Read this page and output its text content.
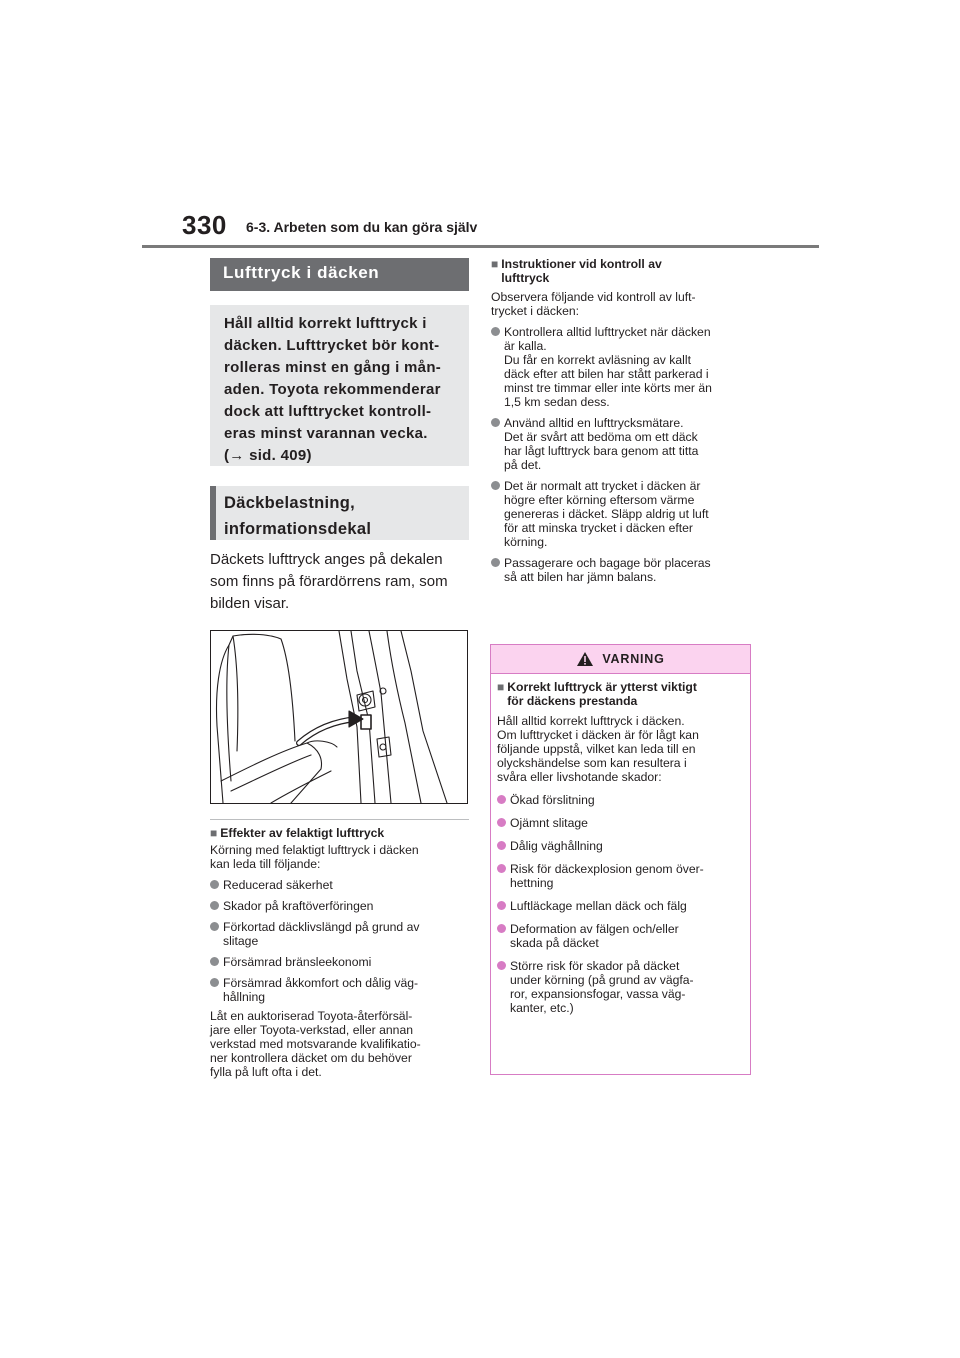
330 6-3. Arbeten som du kan göra själv
Lufttryck i däcken
Håll alltid korrekt lufttryck i
däcken. Lufttrycket bör kont-
rolleras minst en gång i mån-
aden. Toyota rekommenderar
dock att lufttrycket kontroll-
eras minst varannan vecka.
(→ sid. 409)
Däckbelastning,
informationsdekal
Däckets lufttryck anges på dekalen
som finns på förardörrens ram, som
bilden visar.
■ Effekter av felaktigt lufttryck
Körning med felaktigt lufttryck i däcken
kan leda till följande:
Reducerad säkerhet
Skador på kraftöverföringen
Förkortad däcklivslängd på grund av
slitage
Försämrad bränsleekonomi
Försämrad åkkomfort och dålig väg-
hållning
Låt en auktoriserad Toyota-återförsäl-
jare eller Toyota-verkstad, eller annan
verkstad med motsvarande kvalifikatio-
ner kontrollera däcket om du behöver
fylla på luft ofta i det.
■ Instruktioner vid kontroll av
lufttryck
Observera följande vid kontroll av luft-
trycket i däcken:
Kontrollera alltid lufttrycket när däcken
är kalla.
Du får en korrekt avläsning av kallt
däck efter att bilen har stått parkerad i
minst tre timmar eller inte körts mer än
1,5 km sedan dess.
Använd alltid en lufttrycksmätare.
Det är svårt att bedöma om ett däck
har lågt lufttryck bara genom att titta
på det.
Det är normalt att trycket i däcken är
högre efter körning eftersom värme
genereras i däcket. Släpp aldrig ut luft
för att minska trycket i däcken efter
körning.
Passagerare och bagage bör placeras
så att bilen har jämn balans.
VARNING
■ Korrekt lufttryck är ytterst viktigt
för däckens prestanda
Håll alltid korrekt lufttryck i däcken.
Om lufttrycket i däcken är för lågt kan
följande uppstå, vilket kan leda till en
olyckshändelse som kan resultera i
svåra eller livshotande skador:
Ökad förslitning
Ojämnt slitage
Dålig väghållning
Risk för däckexplosion genom över-
hettning
Luftläckage mellan däck och fälg
Deformation av fälgen och/eller
skada på däcket
Större risk för skador på däcket
under körning (på grund av vägfa-
ror, expansionsfogar, vassa väg-
kanter, etc.)
